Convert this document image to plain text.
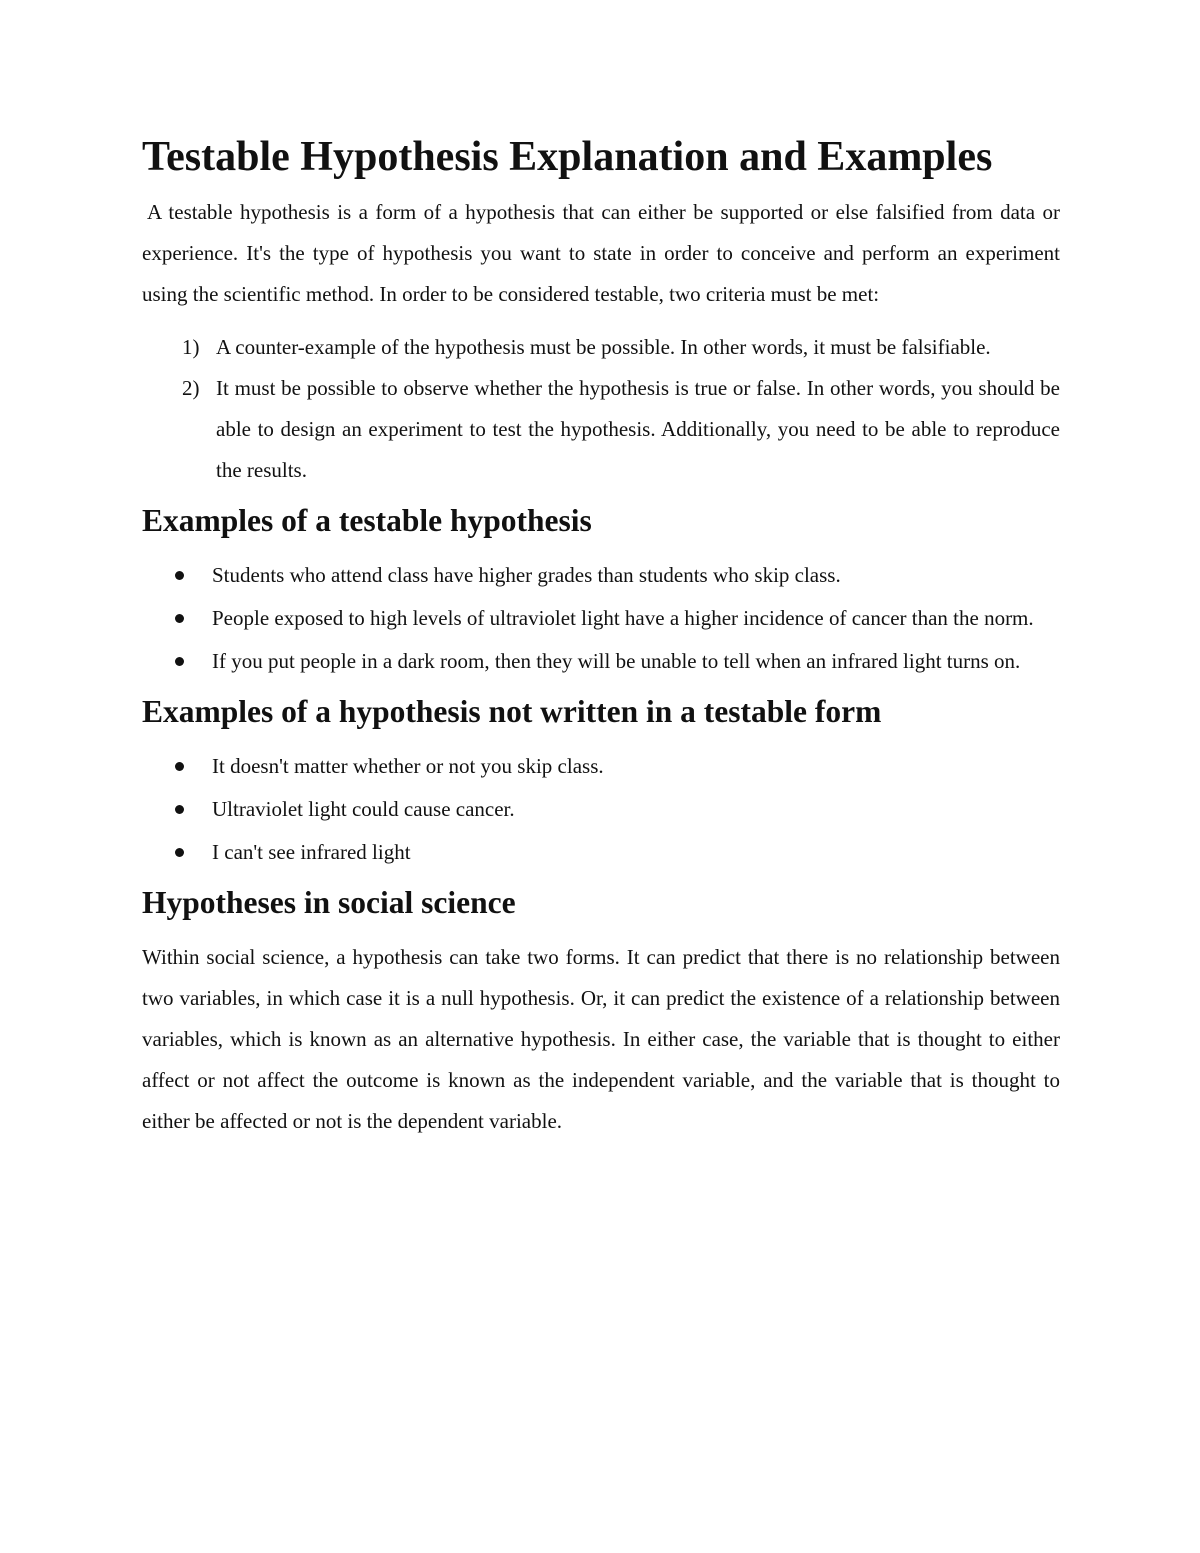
Testable Hypothesis Explanation and Examples

A testable hypothesis is a form of a hypothesis that can either be supported or else falsified from data or experience. It's the type of hypothesis you want to state in order to conceive and perform an experiment using the scientific method. In order to be considered testable, two criteria must be met:

1) A counter-example of the hypothesis must be possible. In other words, it must be falsifiable.
2) It must be possible to observe whether the hypothesis is true or false. In other words, you should be able to design an experiment to test the hypothesis. Additionally, you need to be able to reproduce the results.
Examples of a testable hypothesis
Students who attend class have higher grades than students who skip class.
People exposed to high levels of ultraviolet light have a higher incidence of cancer than the norm.
If you put people in a dark room, then they will be unable to tell when an infrared light turns on.
Examples of a hypothesis not written in a testable form
It doesn't matter whether or not you skip class.
Ultraviolet light could cause cancer.
I can't see infrared light
Hypotheses in social science

Within social science, a hypothesis can take two forms. It can predict that there is no relationship between two variables, in which case it is a null hypothesis. Or, it can predict the existence of a relationship between variables, which is known as an alternative hypothesis. In either case, the variable that is thought to either affect or not affect the outcome is known as the independent variable, and the variable that is thought to either be affected or not is the dependent variable.
